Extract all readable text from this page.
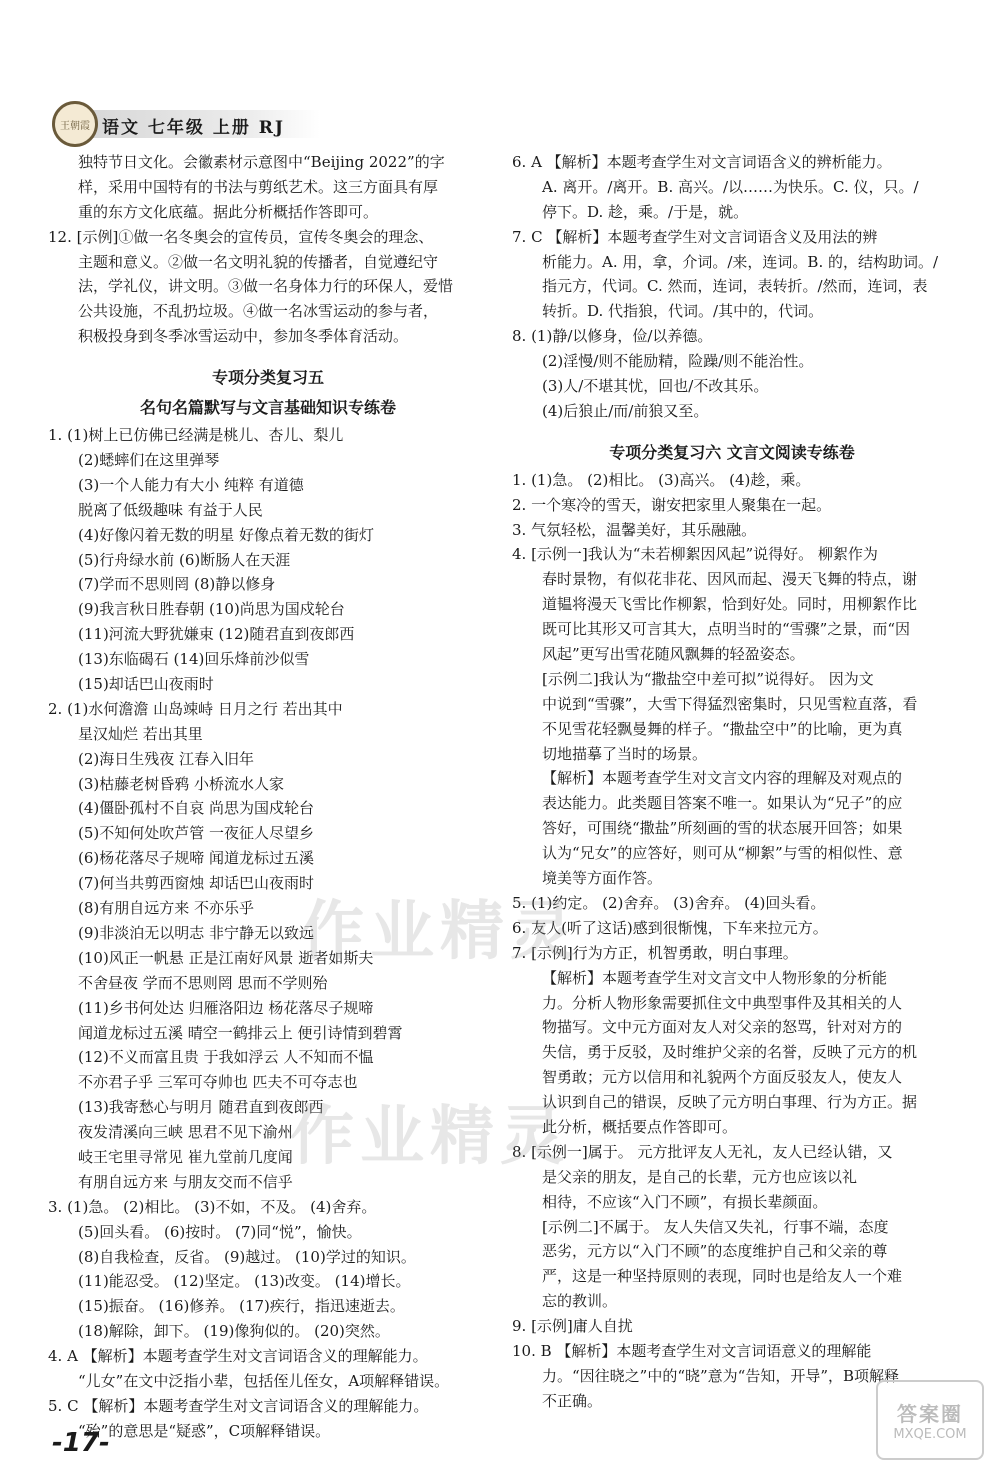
王朝霞 语文 七年级 上册 RJ
独特节日文化。会徽素材示意图中“Beijing 2022”的字
样，采用中国特有的书法与剪纸艺术。这三方面具有厚
重的东方文化底蕴。据此分析概括作答即可。
12. [示例]①做一名冬奥会的宣传员，宣传冬奥会的理念、
主题和意义。②做一名文明礼貌的传播者，自觉遵纪守
法，学礼仪，讲文明。③做一名身体力行的环保人，爱惜
公共设施，不乱扔垃圾。④做一名冰雪运动的参与者，
积极投身到冬季冰雪运动中，参加冬季体育活动。
专项分类复习五
名句名篇默写与文言基础知识专练卷
1. (1)树上已仿佛已经满是桃儿、杏儿、梨儿
(2)蟋蟀们在这里弹琴
(3)一个人能力有大小 纯粹 有道德
脱离了低级趣味 有益于人民
(4)好像闪着无数的明星 好像点着无数的街灯
(5)行舟绿水前 (6)断肠人在天涯
(7)学而不思则罔 (8)静以修身
(9)我言秋日胜春朝 (10)尚思为国戍轮台
(11)河流大野犹嫌束 (12)随君直到夜郎西
(13)东临碣石 (14)回乐烽前沙似雪
(15)却话巴山夜雨时
2. (1)水何澹澹 山岛竦峙 日月之行 若出其中
星汉灿烂 若出其里
(2)海日生残夜 江春入旧年
(3)枯藤老树昏鸦 小桥流水人家
(4)僵卧孤村不自哀 尚思为国戍轮台
(5)不知何处吹芦管 一夜征人尽望乡
(6)杨花落尽子规啼 闻道龙标过五溪
(7)何当共剪西窗烛 却话巴山夜雨时
(8)有朋自远方来 不亦乐乎
(9)非淡泊无以明志 非宁静无以致远
(10)风正一帆悬 正是江南好风景 逝者如斯夫
不舍昼夜 学而不思则罔 思而不学则殆
(11)乡书何处达 归雁洛阳边 杨花落尽子规啼
闻道龙标过五溪 晴空一鹤排云上 便引诗情到碧霄
(12)不义而富且贵 于我如浮云 人不知而不愠
不亦君子乎 三军可夺帅也 匹夫不可夺志也
(13)我寄愁心与明月 随君直到夜郎西
夜发清溪向三峡 思君不见下渝州
岐王宅里寻常见 崔九堂前几度闻
有朋自远方来 与朋友交而不信乎
3. (1)急。 (2)相比。 (3)不如，不及。 (4)舍弃。
(5)回头看。 (6)按时。 (7)同“悦”，愉快。
(8)自我检查，反省。 (9)越过。 (10)学过的知识。
(11)能忍受。 (12)坚定。 (13)改变。 (14)增长。
(15)振奋。 (16)修养。 (17)疾行，指迅速逝去。
(18)解除，卸下。 (19)像狗似的。 (20)突然。
4. A 【解析】本题考查学生对文言词语含义的理解能力。
“儿女”在文中泛指小辈，包括侄儿侄女，A项解释错误。
5. C 【解析】本题考查学生对文言词语含义的理解能力。
“殆”的意思是“疑惑”，C项解释错误。
6. A 【解析】本题考查学生对文言词语含义的辨析能力。
A. 离开。/离开。B. 高兴。/以……为快乐。C. 仪，只。/
停下。D. 趁，乘。/于是，就。
7. C 【解析】本题考查学生对文言词语含义及用法的辨
析能力。A. 用，拿，介词。/来，连词。B. 的，结构助词。/
指元方，代词。C. 然而，连词，表转折。/然而，连词，表
转折。D. 代指狼，代词。/其中的，代词。
8. (1)静/以修身，俭/以养德。
(2)淫慢/则不能励精，险躁/则不能治性。
(3)人/不堪其忧，回也/不改其乐。
(4)后狼止/而/前狼又至。
专项分类复习六 文言文阅读专练卷
1. (1)急。 (2)相比。 (3)高兴。 (4)趁，乘。
2. 一个寒冷的雪天，谢安把家里人聚集在一起。
3. 气氛轻松，温馨美好，其乐融融。
4. [示例一]我认为“未若柳絮因风起”说得好。 柳絮作为
春时景物，有似花非花、因风而起、漫天飞舞的特点，谢
道韫将漫天飞雪比作柳絮，恰到好处。同时，用柳絮作比
既可比其形又可言其大，点明当时的“雪骤”之景，而“因
风起”更写出雪花随风飘舞的轻盈姿态。
[示例二]我认为“撒盐空中差可拟”说得好。 因为文
中说到“雪骤”，大雪下得猛烈密集时，只见雪粒直落，看
不见雪花轻飘曼舞的样子。“撒盐空中”的比喻，更为真
切地描摹了当时的场景。
【解析】本题考查学生对文言文内容的理解及对观点的
表达能力。此类题目答案不唯一。如果认为“兄子”的应
答好，可围绕“撒盐”所刻画的雪的状态展开回答；如果
认为“兄女”的应答好，则可从“柳絮”与雪的相似性、意
境美等方面作答。
5. (1)约定。 (2)舍弃。 (3)舍弃。 (4)回头看。
6. 友人(听了这话)感到很惭愧，下车来拉元方。
7. [示例]行为方正，机智勇敢，明白事理。
【解析】本题考查学生对文言文中人物形象的分析能
力。分析人物形象需要抓住文中典型事件及其相关的人
物描写。文中元方面对友人对父亲的怒骂，针对对方的
失信，勇于反驳，及时维护父亲的名誉，反映了元方的机
智勇敢；元方以信用和礼貌两个方面反驳友人，使友人
认识到自己的错误，反映了元方明白事理、行为方正。据
此分析，概括要点作答即可。
8. [示例一]属于。 元方批评友人无礼，友人已经认错，又
是父亲的朋友，是自己的长辈，元方也应该以礼
相待，不应该“入门不顾”，有损长辈颜面。
[示例二]不属于。 友人失信又失礼，行事不端，态度
恶劣，元方以“入门不顾”的态度维护自己和父亲的尊
严，这是一种坚持原则的表现，同时也是给友人一个难
忘的教训。
9. [示例]庸人自扰
10. B 【解析】本题考查学生对文言词语意义的理解能
力。“因往晓之”中的“晓”意为“告知，开导”，B项解释
不正确。
作业精灵
作业精灵
-17-
答案圈
MXQE.COM
